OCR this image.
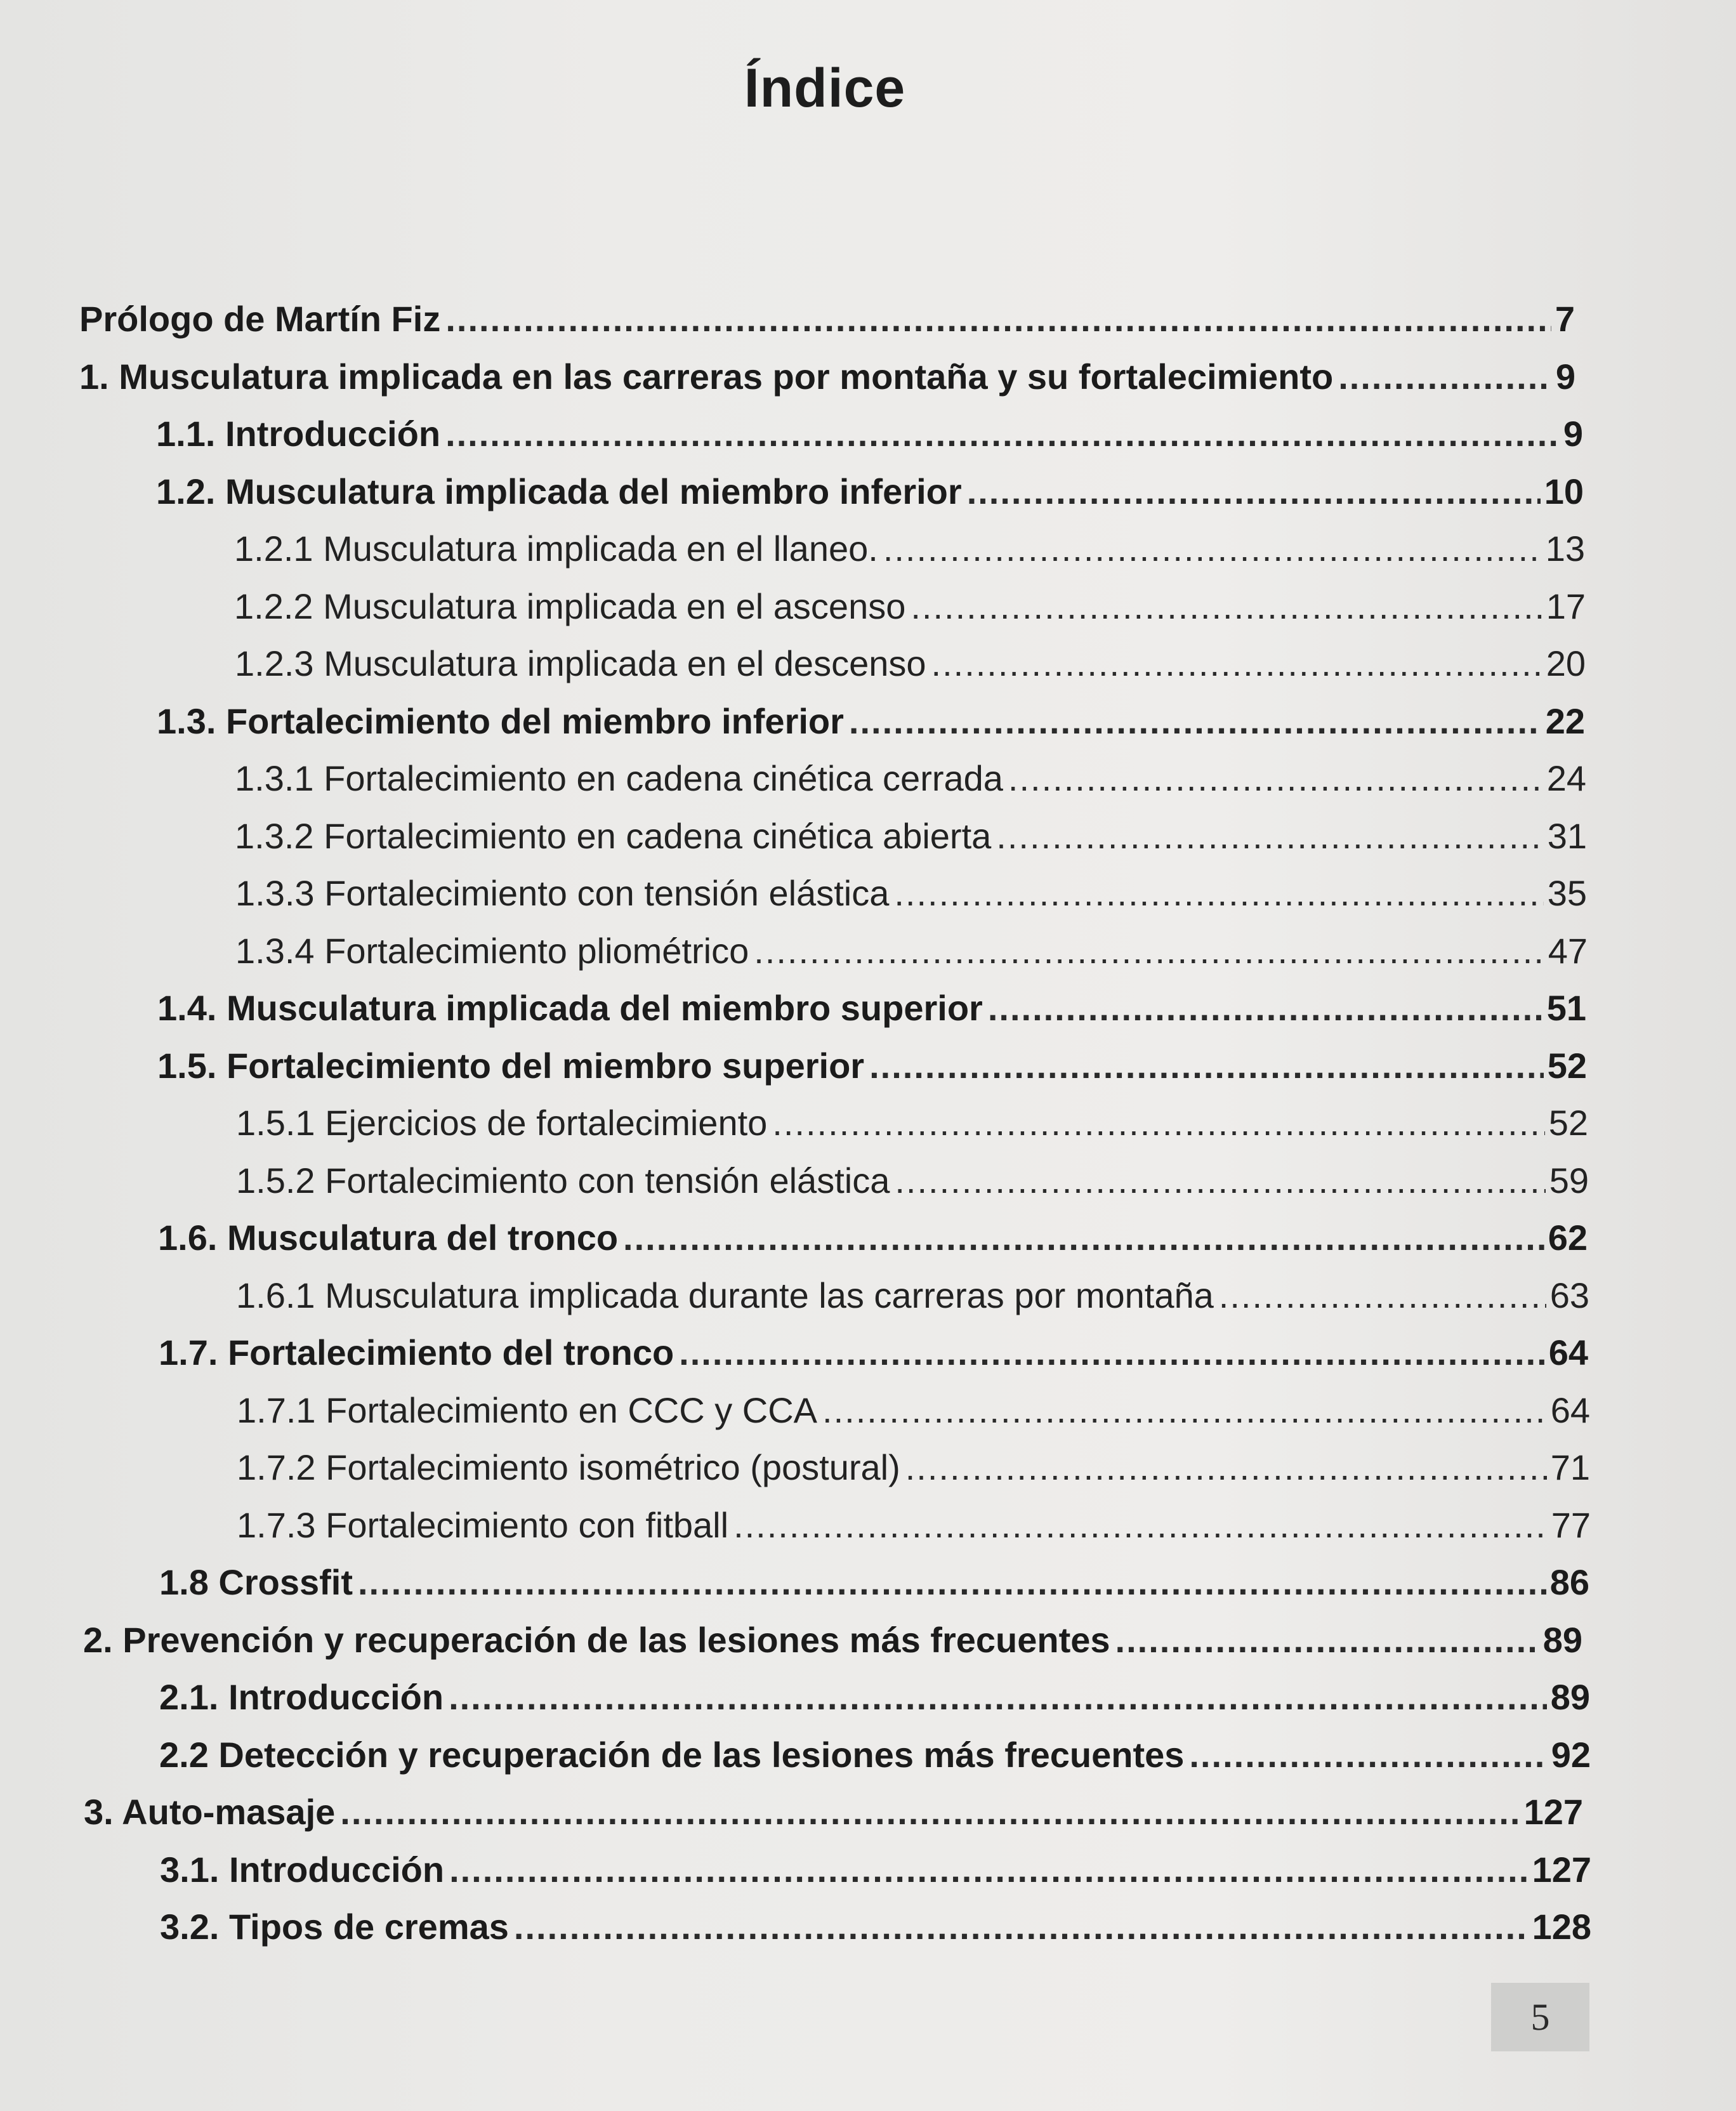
Índice
Prólogo de Martín Fiz .....	7
1. Musculatura implicada en las carreras por montaña y su fortalecimiento .....	9
1.1. Introducción .....	9
1.2. Musculatura implicada del miembro inferior .....	10
1.2.1 Musculatura implicada en el llaneo. .....	13
1.2.2 Musculatura implicada en el ascenso .....	17
1.2.3 Musculatura implicada en el descenso .....	20
1.3. Fortalecimiento del miembro inferior .....	22
1.3.1 Fortalecimiento en cadena cinética cerrada .....	24
1.3.2 Fortalecimiento en cadena cinética abierta .....	31
1.3.3 Fortalecimiento con tensión elástica .....	35
1.3.4 Fortalecimiento pliométrico .....	47
1.4. Musculatura implicada del miembro superior .....	51
1.5. Fortalecimiento del miembro superior .....	52
1.5.1 Ejercicios de fortalecimiento .....	52
1.5.2 Fortalecimiento con tensión elástica .....	59
1.6. Musculatura del tronco .....	62
1.6.1 Musculatura implicada durante las carreras por montaña .....	63
1.7. Fortalecimiento del tronco .....	64
1.7.1 Fortalecimiento en CCC y CCA .....	64
1.7.2 Fortalecimiento isométrico (postural) .....	71
1.7.3 Fortalecimiento con fitball .....	77
1.8 Crossfit .....	86
2. Prevención y recuperación de las lesiones más frecuentes .....	89
2.1. Introducción .....	89
2.2 Detección y recuperación de las lesiones más frecuentes .....	92
3. Auto-masaje .....	127
3.1. Introducción .....	127
3.2. Tipos de cremas .....	128
5
